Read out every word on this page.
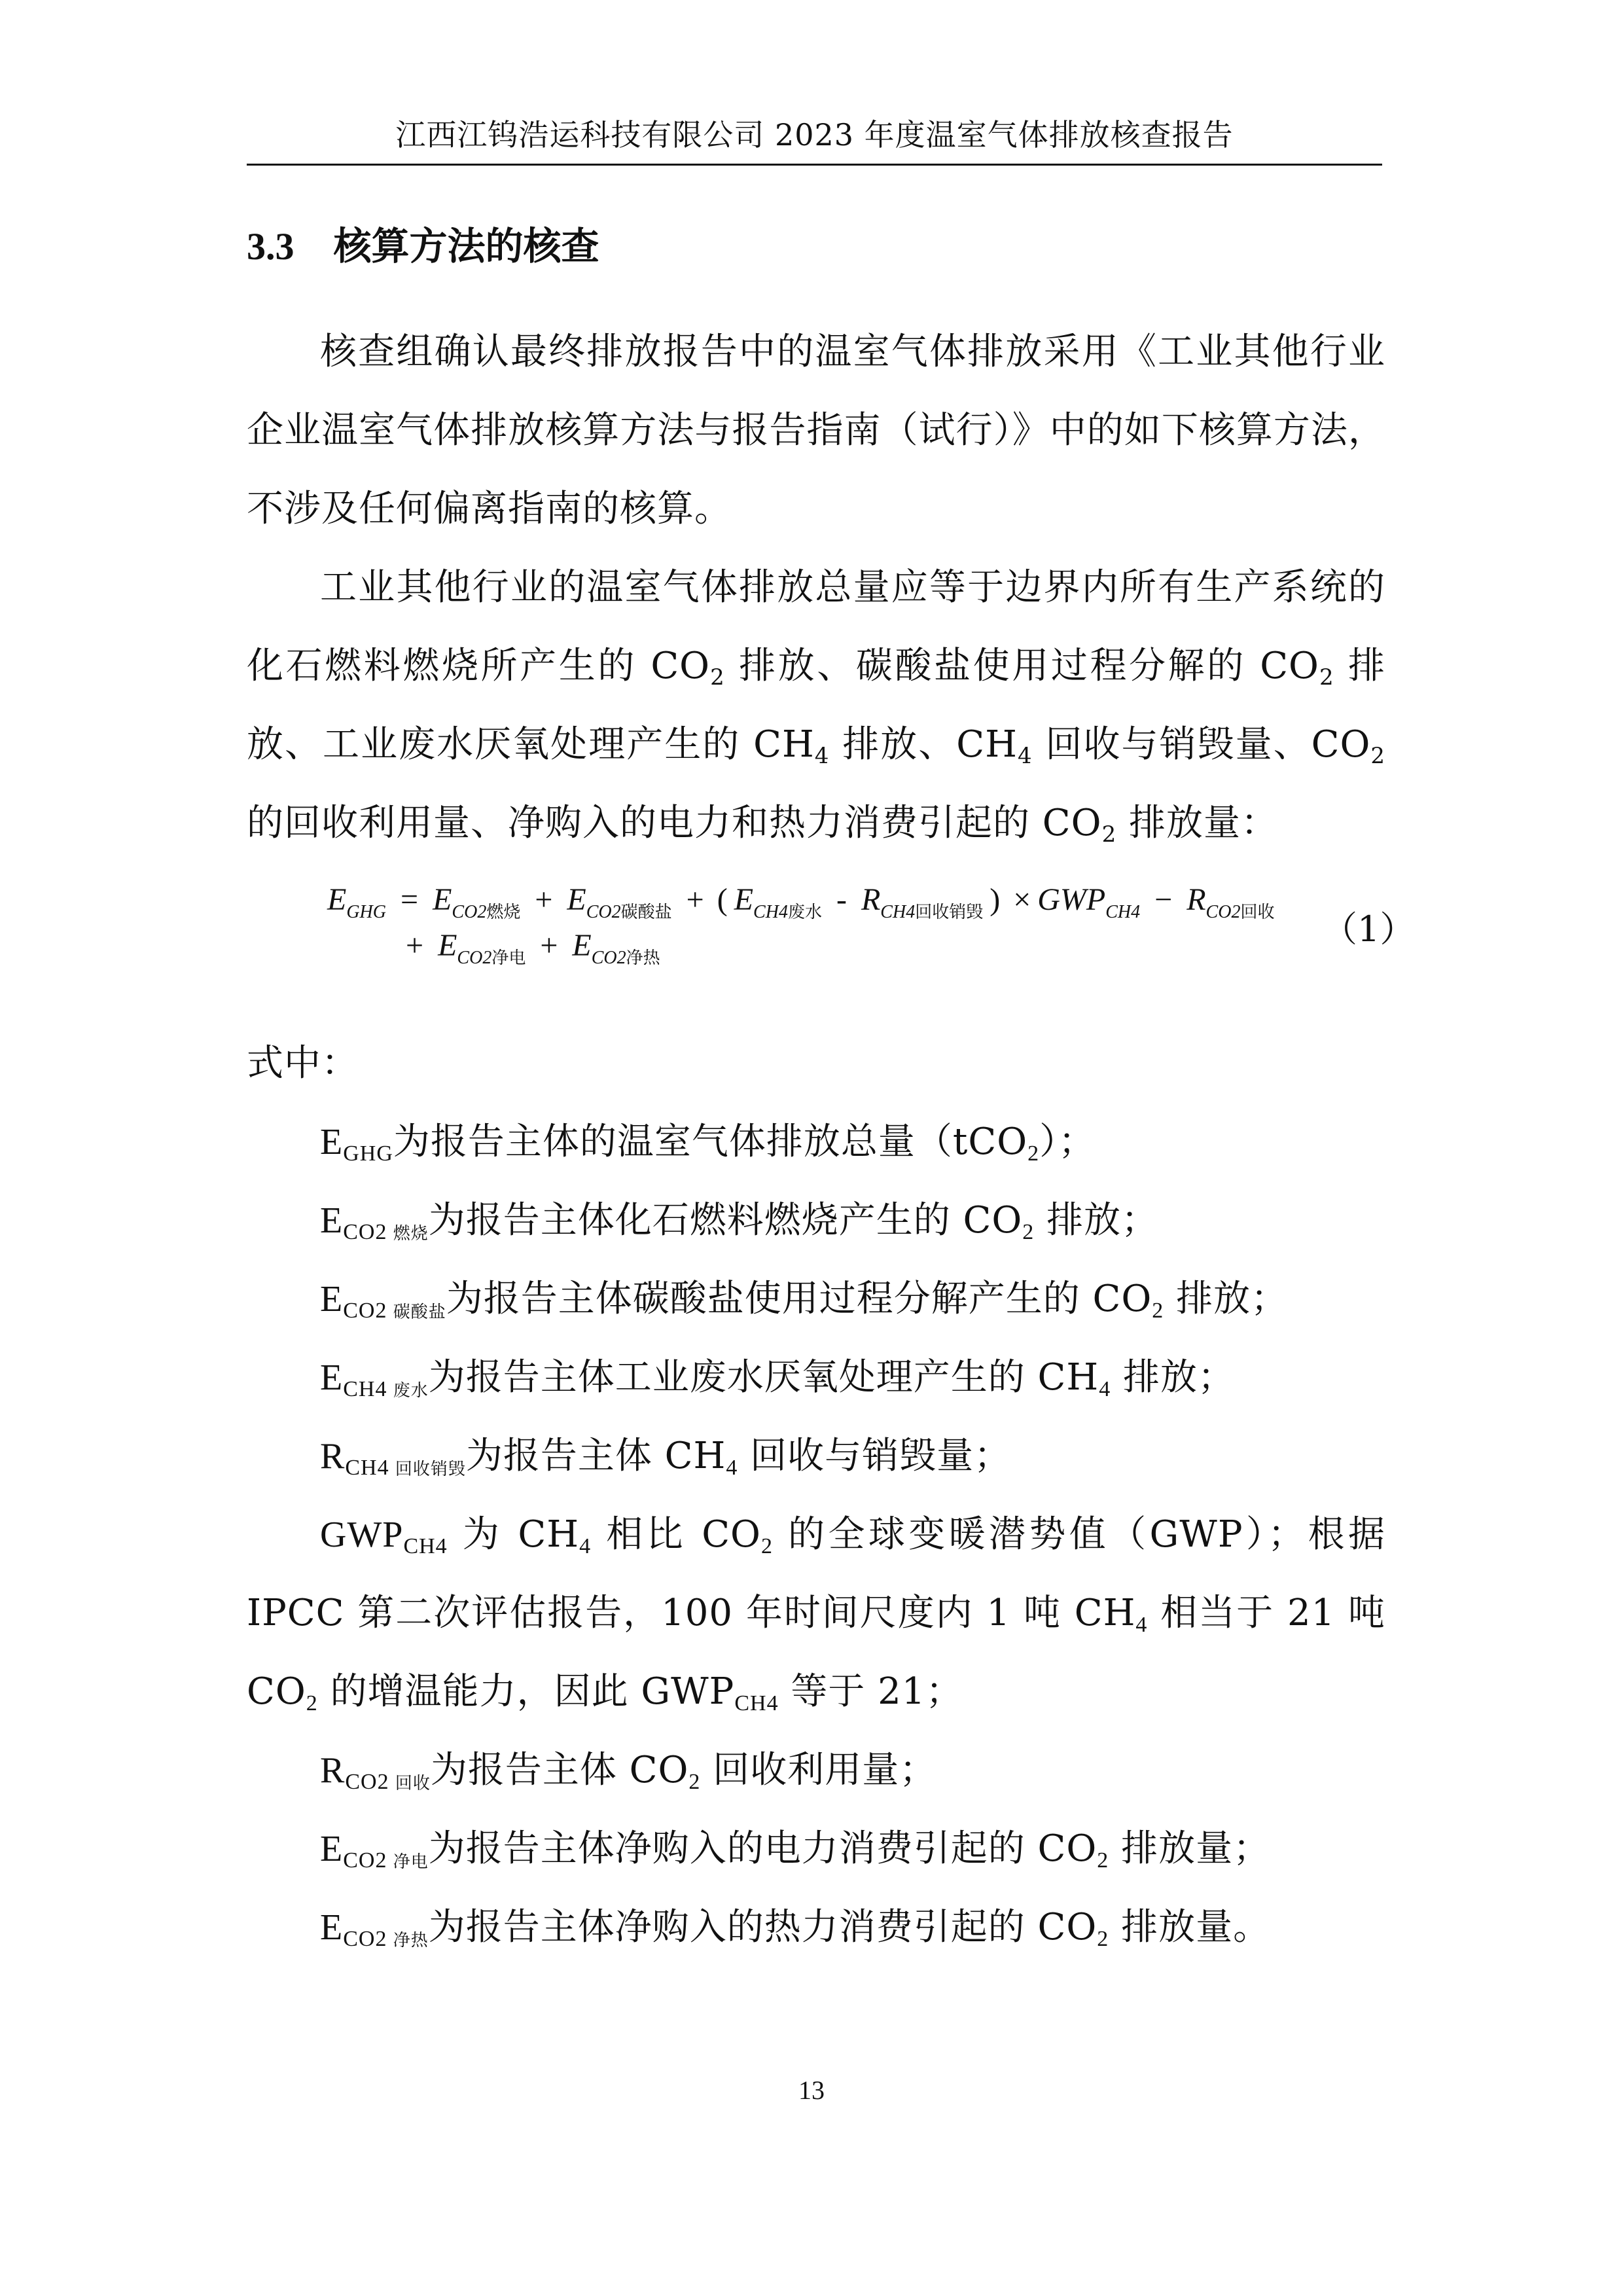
江西江钨浩运科技有限公司 2023 年度温室气体排放核查报告
3.3 核算方法的核查
核查组确认最终排放报告中的温室气体排放采用《工业其他行业企业温室气体排放核算方法与报告指南（试行）》中的如下核算方法，不涉及任何偏离指南的核算。
工业其他行业的温室气体排放总量应等于边界内所有生产系统的化石燃料燃烧所产生的 $CO_2$ 排放、碳酸盐使用过程分解的 $CO_2$ 排放、工业废水厌氧处理产生的 $CH_4$ 排放、$CH_4$ 回收与销毁量、$CO_2$ 的回收利用量、净购入的电力和热力消费引起的 $CO_2$ 排放量：
$E_{GHG} = E_{CO2燃烧} + E_{CO2碳酸盐}$ + ( $E_{CH4废水} - R_{CH4回收销毁}$ ) × $GWP_{CH4} - R_{CO2回收}$
+ $E_{CO2净电} + E_{CO2净热}$
（1）
式中：
$E_{GHG}$为报告主体的温室气体排放总量（tCO$_2$）；
$E_{CO2}$ $_{燃烧}$为报告主体化石燃料燃烧产生的 $CO_2$ 排放；
$E_{CO2}$ $_{碳酸盐}$为报告主体碳酸盐使用过程分解产生的 $CO_2$ 排放；
$E_{CH4}$ $_{废水}$为报告主体工业废水厌氧处理产生的 $CH_4$ 排放；
$R_{CH4}$ $_{回收销毁}$为报告主体 $CH_4$ 回收与销毁量；
$GWP_{CH4}$ 为 $CH_4$ 相比 $CO_2$ 的全球变暖潜势值（GWP）；根据 IPCC 第二次评估报告，100 年时间尺度内 1 吨 $CH_4$ 相当于 21 吨 $CO_2$ 的增温能力，因此 $GWP_{CH4}$ 等于 21；
$R_{CO2}$ $_{回收}$为报告主体 $CO_2$ 回收利用量；
$E_{CO2}$ $_{净电}$为报告主体净购入的电力消费引起的 $CO_2$ 排放量；
$E_{CO2}$ $_{净热}$为报告主体净购入的热力消费引起的 $CO_2$ 排放量。
13
